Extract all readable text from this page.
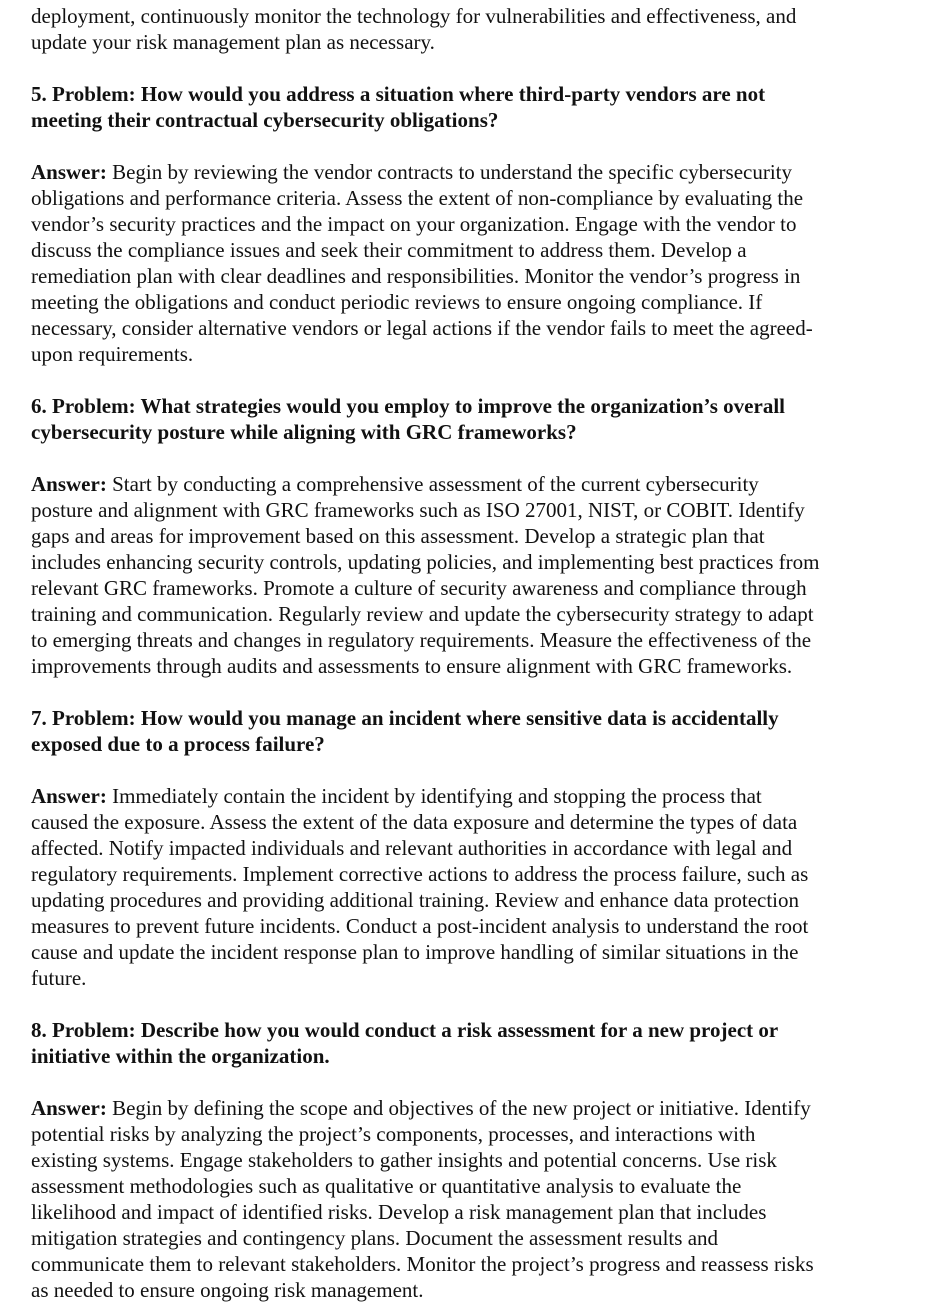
deployment, continuously monitor the technology for vulnerabilities and effectiveness, and
update your risk management plan as necessary.

5. Problem: How would you address a situation where third-party vendors are not
meeting their contractual cybersecurity obligations?

Answer: Begin by reviewing the vendor contracts to understand the specific cybersecurity
obligations and performance criteria. Assess the extent of non-compliance by evaluating the
vendor’s security practices and the impact on your organization. Engage with the vendor to
discuss the compliance issues and seek their commitment to address them. Develop a
remediation plan with clear deadlines and responsibilities. Monitor the vendor’s progress in
meeting the obligations and conduct periodic reviews to ensure ongoing compliance. If
necessary, consider alternative vendors or legal actions if the vendor fails to meet the agreed-
upon requirements.

6. Problem: What strategies would you employ to improve the organization’s overall
cybersecurity posture while aligning with GRC frameworks?

Answer: Start by conducting a comprehensive assessment of the current cybersecurity
posture and alignment with GRC frameworks such as ISO 27001, NIST, or COBIT. Identify
gaps and areas for improvement based on this assessment. Develop a strategic plan that
includes enhancing security controls, updating policies, and implementing best practices from
relevant GRC frameworks. Promote a culture of security awareness and compliance through
training and communication. Regularly review and update the cybersecurity strategy to adapt
to emerging threats and changes in regulatory requirements. Measure the effectiveness of the
improvements through audits and assessments to ensure alignment with GRC frameworks.

7. Problem: How would you manage an incident where sensitive data is accidentally
exposed due to a process failure?

Answer: Immediately contain the incident by identifying and stopping the process that
caused the exposure. Assess the extent of the data exposure and determine the types of data
affected. Notify impacted individuals and relevant authorities in accordance with legal and
regulatory requirements. Implement corrective actions to address the process failure, such as
updating procedures and providing additional training. Review and enhance data protection
measures to prevent future incidents. Conduct a post-incident analysis to understand the root
cause and update the incident response plan to improve handling of similar situations in the
future.

8. Problem: Describe how you would conduct a risk assessment for a new project or
initiative within the organization.

Answer: Begin by defining the scope and objectives of the new project or initiative. Identify
potential risks by analyzing the project’s components, processes, and interactions with
existing systems. Engage stakeholders to gather insights and potential concerns. Use risk
assessment methodologies such as qualitative or quantitative analysis to evaluate the
likelihood and impact of identified risks. Develop a risk management plan that includes
mitigation strategies and contingency plans. Document the assessment results and
communicate them to relevant stakeholders. Monitor the project’s progress and reassess risks
as needed to ensure ongoing risk management.
